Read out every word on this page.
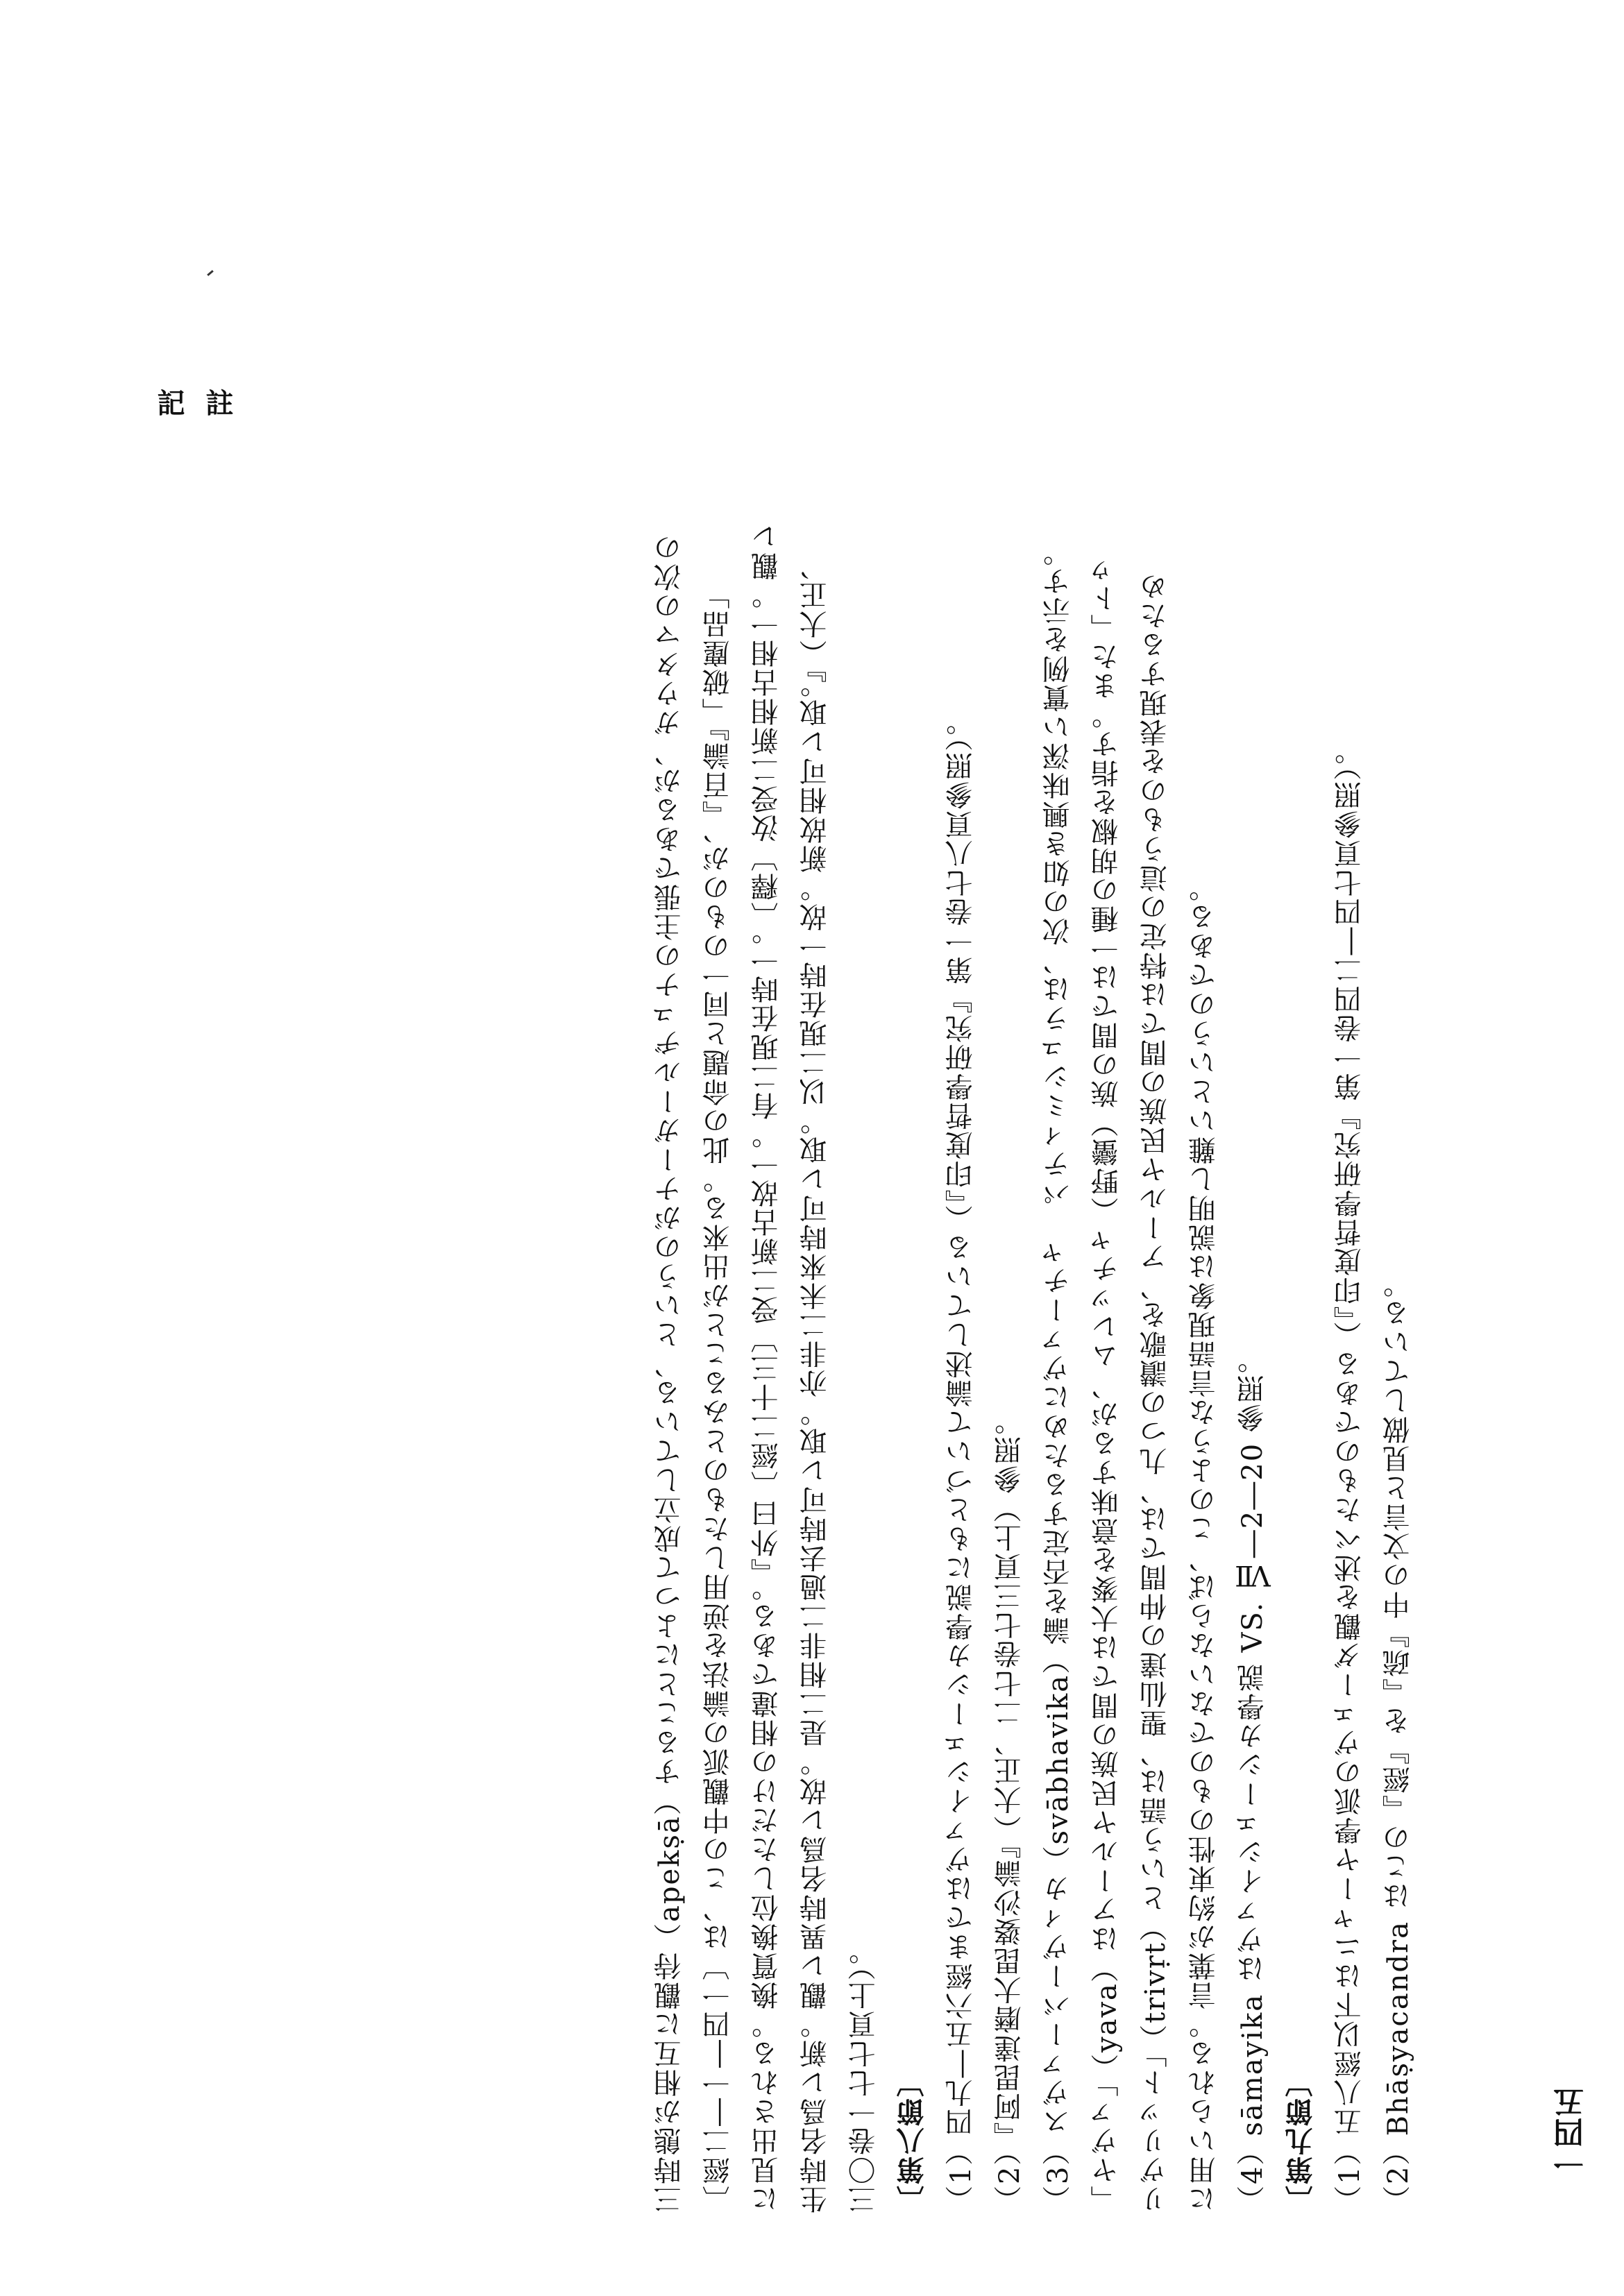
註 記
一四五

三時態が相互に觀待（apekṣā）することによつて成立している、というのがナーガールヂュナの主張であるが、ガウタマの次の 〔經二―一―四一〕は、この中觀派の論法を逆用したものとみることが出來る。此の命題と同一のものが、『百論』「破塵品」 に見出される。換質換位しただけの相違である。『外曰〔經二十三〕受二新古故一。有二現在時一。〔釋〕汝受二新相古相一。觀レ 生時名爲レ新。觀レ異時名爲レ故。是二相非二過去時可レ取。亦非二未來時可レ取。以二現在時一故。新故相可レ取。』（大正、 三〇卷一七七頁上）。 〔第八節〕 （1）四九―五六經まではヴァイシェーシカ學説にもとづいて論述している（『印度哲學研究』第一卷七八頁參照）。 （2）『阿毘達磨大毘婆沙論』（大正、二七卷七三頁上）參照。 （3）スヴァーバーヴィカ（svābhavika）論を否定するためにヴァーチャ　パティミシュラは、次の如き興味深い實例を示す。 「ヤヴァ」（yava）はアールヤ民族の間では大麥を意味するが、ムレッチャ（野蠻）族の間では一種の胡椒を指す。また「トゥ リヴリット」（trivṛt）という語は、聖仙達の仲間では、九つの讃歌を、アールヤ民族の間では特定の這うものを表現するため に用いられる。言葉が約束性のものでないならば、このような言語現象は説明し難いというのである。 （4）sāmayika はヴァイシェーシカ學説 VS. Ⅶ―2―20 參照。 〔第九節〕 （1）五八經以下はニャーヤ學派のヴェーダ觀を述べたものである（『印度哲學研究』第一卷四二―四七頁參照）。 （2）Bhāṣyacandra はこの『經』を『疏』中の文言と見做している。
